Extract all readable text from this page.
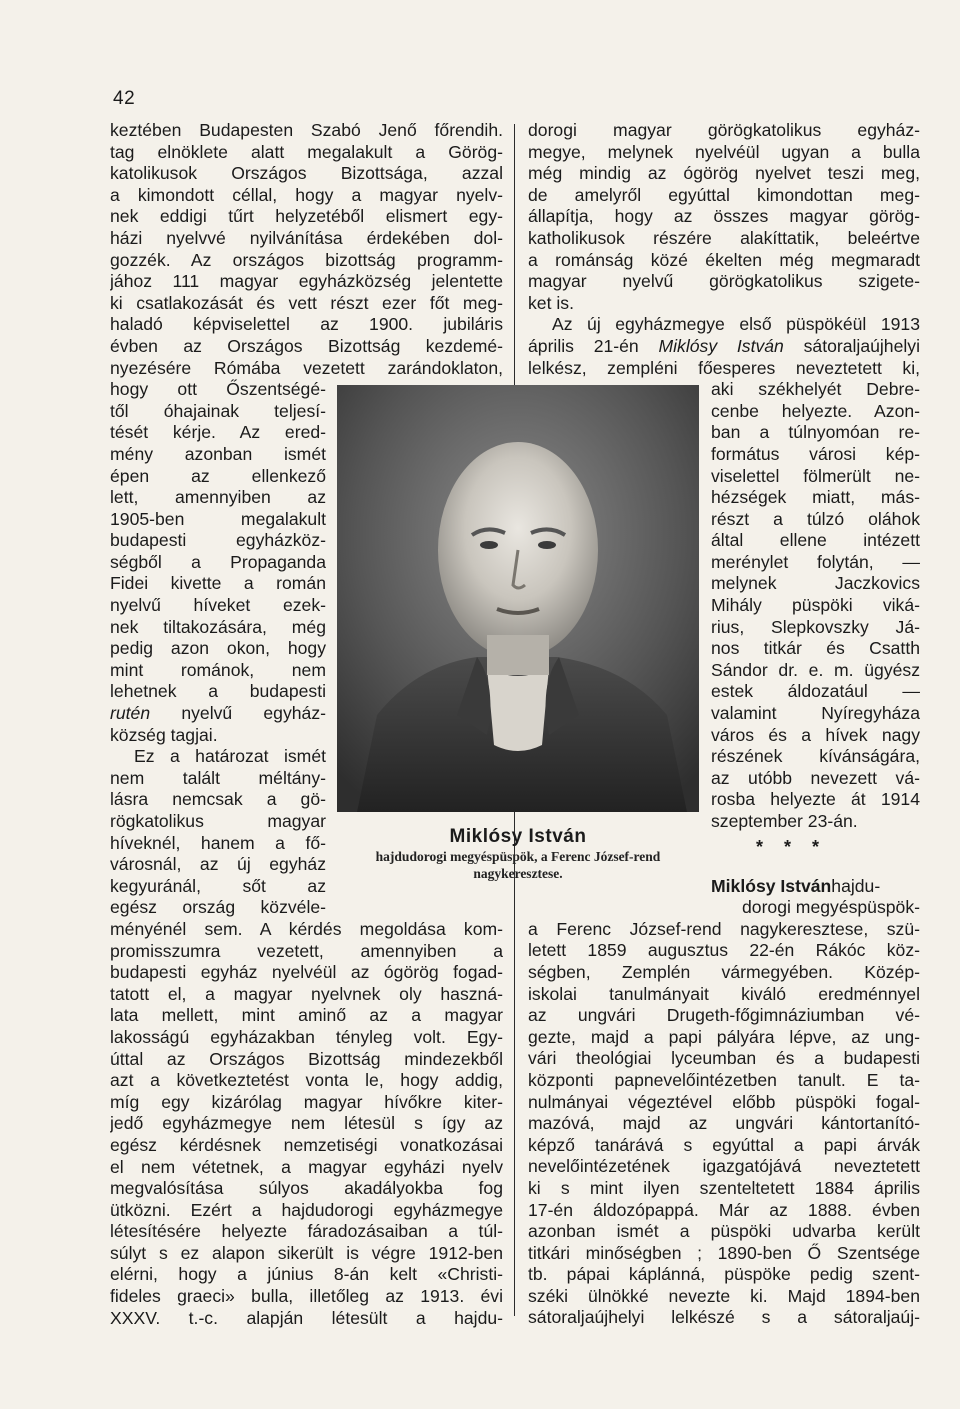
42
keztében Budapesten Szabó Jenő főrendih.
tag elnöklete alatt megalakult a Görög-
katolikusok Országos Bizottsága, azzal
a kimondott céllal, hogy a magyar nyelv-
nek eddigi tűrt helyzetéből elismert egy-
házi nyelvvé nyilvánítása érdekében dol-
gozzék. Az országos bizottság programm-
jához 111 magyar egyházközség jelentette
ki csatlakozását és vett részt ezer főt meg-
haladó képviselettel az 1900. jubiláris
évben az Országos Bizottság kezdemé-
nyezésére Rómába vezetett zarándoklaton,
hogy ott Őszentségé-
től óhajainak teljesí-
tését kérje. Az ered-
mény azonban ismét
épen az ellenkező
lett, amennyiben az
1905-ben megalakult
budapesti egyházköz-
ségből a Propaganda
Fidei kivette a román
nyelvű híveket ezek-
nek tiltakozására, még
pedig azon okon, hogy
mint románok, nem
lehetnek a budapesti
rutén nyelvű egyház-
község tagjai.
Ez a határozat ismét
nem talált méltány-
lásra nemcsak a gö-
rögkatolikus magyar
híveknél, hanem a fő-
városnál, az új egyház
kegyuránál, sőt az
egész ország közvéle-
ményénél sem. A kérdés megoldása kom-
promisszumra vezetett, amennyiben a
budapesti egyház nyelvéül az ógörög fogad-
tatott el, a magyar nyelvnek oly haszná-
lata mellett, mint aminő az a magyar
lakosságú egyházakban tényleg volt. Egy-
úttal az Országos Bizottság mindezekből
azt a következtetést vonta le, hogy addig,
míg egy kizárólag magyar hívőkre kiter-
jedő egyházmegye nem létesül s így az
egész kérdésnek nemzetiségi vonatkozásai
el nem vétetnek, a magyar egyházi nyelv
megvalósítása súlyos akadályokba fog
ütközni. Ezért a hajdudorogi egyházmegye
létesítésére helyezte fáradozásaiban a túl-
súlyt s ez alapon sikerült is végre 1912-ben
elérni, hogy a június 8-án kelt «Christi-
fideles graeci» bulla, illetőleg az 1913. évi
XXXV. t.-c. alapján létesült a hajdu-
dorogi magyar görögkatolikus egyház-
megye, melynek nyelvéül ugyan a bulla
még mindig az ógörög nyelvet teszi meg,
de amelyről egyúttal kimondottan meg-
állapítja, hogy az összes magyar görög-
katholikusok részére alakíttatik, beleértve
a románság közé ékelten még megmaradt
magyar nyelvű görögkatolikus szigete-
ket is.
Az új egyházmegye első püspökéül 1913
április 21-én Miklósy István sátoraljaújhelyi
lelkész, zempléni főesperes neveztetett ki,
aki székhelyét Debre-
cenbe helyezte. Azon-
ban a túlnyomóan re-
formátus városi kép-
viselettel fölmerült ne-
hézségek miatt, más-
részt a túlzó oláhok
által ellene intézett
merénylet folytán, —
melynek Jaczkovics
Mihály püspöki viká-
rius, Slepkovszky Já-
nos titkár és Csatth
Sándor dr. e. m. ügyész
estek áldozatául —
valamint Nyíregyháza
város és a hívek nagy
részének kívánságára,
az utóbb nevezett vá-
rosba helyezte át 1914
szeptember 23-án.
Miklósy Istvánhajdu-
dorogi megyéspüspök-
a Ferenc József-rend nagykeresztese, szü-
letett 1859 augusztus 22-én Rákóc köz-
ségben, Zemplén vármegyében. Közép-
iskolai tanulmányait kiváló eredménnyel
az ungvári Drugeth-főgimnáziumban vé-
gezte, majd a papi pályára lépve, az ung-
vári theológiai lyceumban és a budapesti
központi papnevelőintézetben tanult. E ta-
nulmányai végeztével előbb püspöki fogal-
mazóvá, majd az ungvári kántortanító-
képző tanárává s egyúttal a papi árvák
nevelőintézetének igazgatójává neveztetett
ki s mint ilyen szenteltetett 1884 április
17-én áldozópappá. Már az 1888. évben
azonban ismét a püspöki udvarba került
titkári minőségben ; 1890-ben Ő Szentsége
tb. pápai káplánná, püspöke pedig szent-
széki ülnökké nevezte ki. Majd 1894-ben
sátoraljaújhelyi lelkészé s a sátoraljaúj-
* * *
Miklósy István
hajdudorogi megyéspüspök, a Ferenc József-rend
nagykeresztese.
